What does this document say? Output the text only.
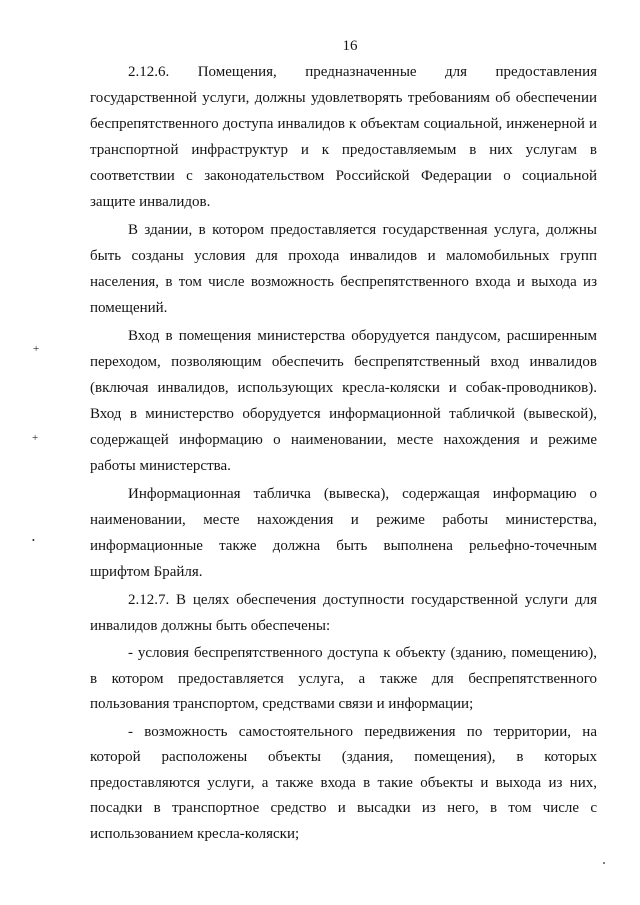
16
+
+
•

2.12.6. Помещения, предназначенные для предоставления государственной услуги, должны удовлетворять требованиям об обеспечении беспрепятственного доступа инвалидов к объектам социальной, инженерной и транспортной инфраструктур и к предоставляемым в них услугам в соответствии с законодательством Российской Федерации о социальной защите инвалидов.

В здании, в котором предоставляется государственная услуга, должны быть созданы условия для прохода инвалидов и маломобильных групп населения, в том числе возможность беспрепятственного входа и выхода из помещений.

Вход в помещения министерства оборудуется пандусом, расширенным переходом, позволяющим обеспечить беспрепятственный вход инвалидов (включая инвалидов, использующих кресла-коляски и собак-проводников). Вход в министерство оборудуется информационной табличкой (вывеской), содержащей информацию о наименовании, месте нахождения и режиме работы министерства.

Информационная табличка (вывеска), содержащая информацию о наименовании, месте нахождения и режиме работы министерства, информационные также должна быть выполнена рельефно-точечным шрифтом Брайля.

2.12.7. В целях обеспечения доступности государственной услуги для инвалидов должны быть обеспечены:

- условия беспрепятственного доступа к объекту (зданию, помещению), в котором предоставляется услуга, а также для беспрепятственного пользования транспортом, средствами связи и информации;

- возможность самостоятельного передвижения по территории, на которой расположены объекты (здания, помещения), в которых предоставляются услуги, а также входа в такие объекты и выхода из них, посадки в транспортное средство и высадки из него, в том числе с использованием кресла-коляски;
